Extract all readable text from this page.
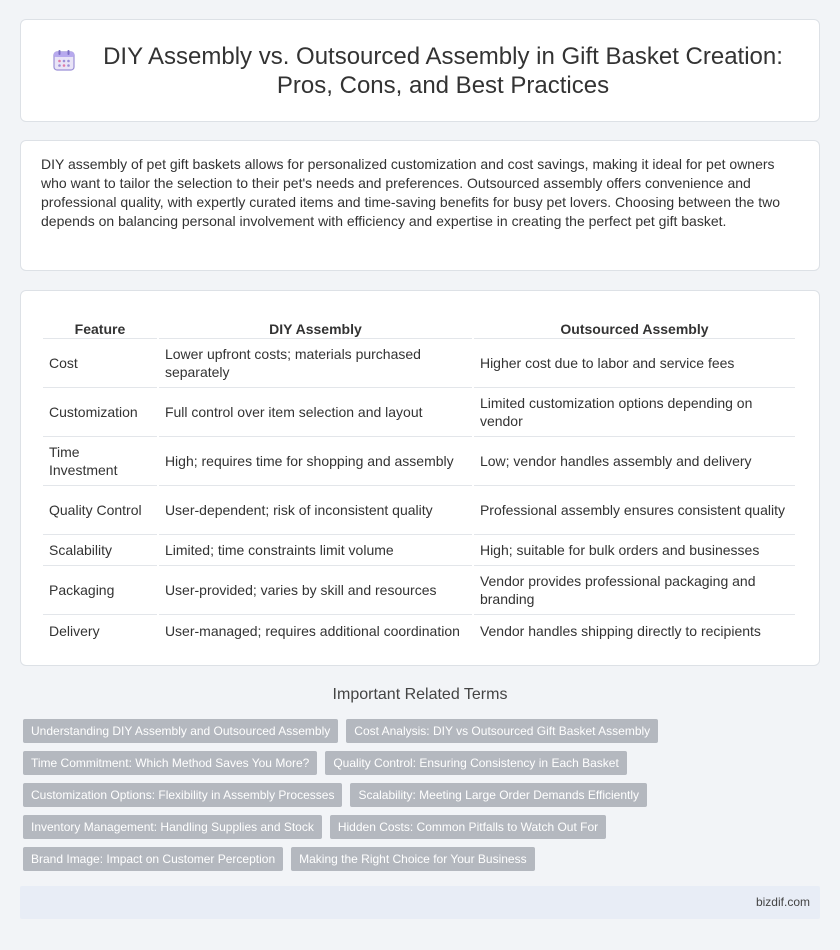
DIY Assembly vs. Outsourced Assembly in Gift Basket Creation: Pros, Cons, and Best Practices

DIY assembly of pet gift baskets allows for personalized customization and cost savings, making it ideal for pet owners who want to tailor the selection to their pet's needs and preferences. Outsourced assembly offers convenience and professional quality, with expertly curated items and time-saving benefits for busy pet lovers. Choosing between the two depends on balancing personal involvement with efficiency and expertise in creating the perfect pet gift basket.

Feature	DIY Assembly	Outsourced Assembly
Cost	Lower upfront costs; materials purchased separately	Higher cost due to labor and service fees
Customization	Full control over item selection and layout	Limited customization options depending on vendor
Time Investment	High; requires time for shopping and assembly	Low; vendor handles assembly and delivery
Quality Control	User-dependent; risk of inconsistent quality	Professional assembly ensures consistent quality
Scalability	Limited; time constraints limit volume	High; suitable for bulk orders and businesses
Packaging	User-provided; varies by skill and resources	Vendor provides professional packaging and branding
Delivery	User-managed; requires additional coordination	Vendor handles shipping directly to recipients
Important Related Terms
Understanding DIY Assembly and Outsourced Assembly	Cost Analysis: DIY vs Outsourced Gift Basket Assembly
Time Commitment: Which Method Saves You More?	Quality Control: Ensuring Consistency in Each Basket
Customization Options: Flexibility in Assembly Processes	Scalability: Meeting Large Order Demands Efficiently
Inventory Management: Handling Supplies and Stock	Hidden Costs: Common Pitfalls to Watch Out For
Brand Image: Impact on Customer Perception	Making the Right Choice for Your Business
bizdif.com
